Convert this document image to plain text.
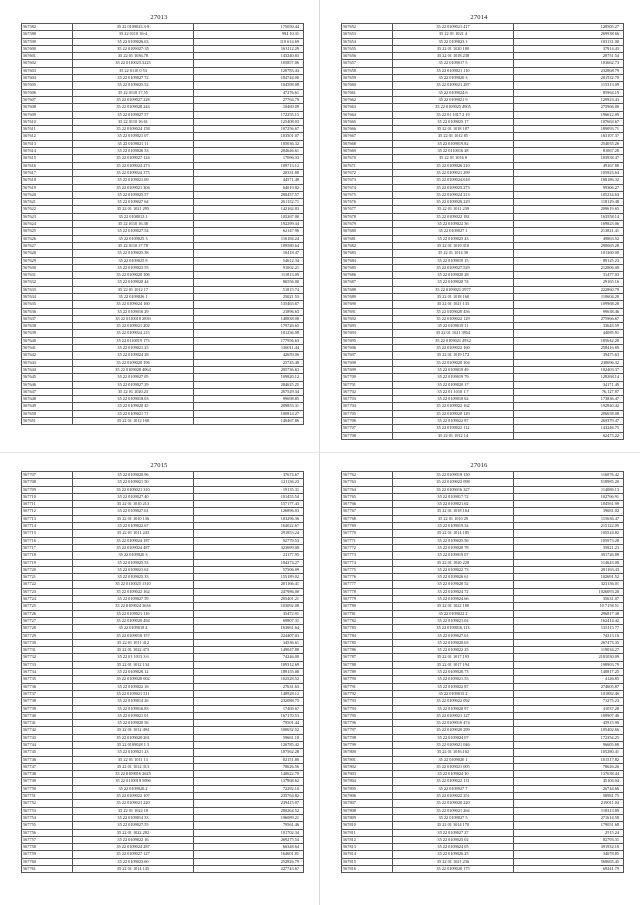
27013
567582	35 22 0109023 3-9	175050.44
567588	35 22 0110 16-4	994 10.31
567590	35 22 0109026.63	110 614.69
567600	35 22 0109027-35	163112.29
567601	35 22 01 1036.78	145240.83
567602	35 22 0110025.3225	105857.06
567603	35 22 0110 0 53	120783.43
567604	35 22 0109027 72	184744.00
567605	35 22 0109025.52	104598.08
567606	35 22 0110 17.55	47276.61
567607	35 22 0109027 228	27764.79
567608	35 22 0109028.244	10469.09
567609	35 22 0109027 57	172255.15
567610	35 22 0110 16 61	125408.03
567611	35 22 0109024 158	107256.67
567612	35 22 0109021 07	103501.07
567613	35 22 0109021 11	105036.32
567614	35 22 0109026 53	204646.61
567615	35 22 0109027 124	17096.33
567616	35 22 0109024 273	109713.12
567617	35 22 0109024 375	20331.80
567618	35 22 0109021.69	44571.48
567619	35 22 0109021 304	64019.82
567620	35 22 0109025.57	200457.57
567621	35 22 0109027 64	261152.71
567622	35 22 01 1021 295	142162.83
567623	35 22 0108012.1	105267.00
567624	35 22 0110 16.38	192299.34
567625	35 22 0109027.54	62147.96
567626	35 22 0109025 3	116184.24
567627	35 22 0110 17.78	109580.64
567628	35 22 0109025.38	10418.47
567629	35 22 0109025 8	54612.34
567630	35 22 0109023 55	91002.21
567631	35 22 0109020 106	111813.09
567632	35 22 0109020 44	86556.00
567633	35 22 01 1012 17	51815.74
567634	35 22 0109026 1	25021.53
567635	35 22 0109024 160	135463.67
567636	35 22 0109016 29	21896.63
567637	35 22 0110018 2839	148838.08
567638	35 22 0109021 202	179726.65
567639	35 22 0109024 215	181236.08
567640	35 22 0110019 173	177956.63
567641	35 22 0109021.25	136011.44
567642	35 22 0109024 28	42659.06
567643	35 22 0109020 196	25745.48
567644	35 22 0109028 4064	205736.63
567645	35 22 0109027 05	109820.12
567646	35 22 0109027.29	284625.25
567647	35 22 01 1020.23	267529.34
567648	35 22 0109018.03	99698.85
567649	35 22 0109020 45	209855.31
567650	35 22 0109021 71	100814.27
567651	35 22 01 1012 168	140467.86
27014
567652	35 22 0109021.417	128505.27
567653	35 22 01 1021 4	269938.66
567654	35 22 0109023.1	103131.00
567655	35 22 01 1020 180	37914.43
567656	35 22 01 1018.238	28751.54
567657	35 22 0109017 5	103662.73
567658	35 22 0109021 110	232868.79
567659	35 22 0109020 3	201532.70
567660	35 22 0109021.287	115313.09
567661	35 22 0109024.6	85964.19
567662	35 22 0109021 9	129923.43
567663	35 22 0109025 4905	275966.00
567664	35 22 01 1017 2 19	196612.09
567665	35 22 0109025.17	107663.67
567666	35 22 01 1018 187	189093.71
567667	35 22 01 1012 85	163107.37
567668	35 22 0109019.82	254055.26
567669	35 22 0110016 28	81067.28
567670	35 22 01 1016 8	103938.47
567671	35 22 0109026 210	49167.80
567672	35 22 0109021 299	105923.64
567673	35 22 0109024.618	168186.32
567674	35 22 0109025.273	99306.27
567675	35 22 0109024 213	105234.63
567676	35 22 0109020.229	118129.48
567677	35 22 01 1011 239	209619.65
567678	35 22 0109022 181	163558.14
567679	35 22 0109022 36	169823.06
567680	35 22 0109027 1	213821.41
567681	35 22 0109025 43	49863.52
567682	35 22 01 1019 310	290065.28
567683	35 22 01 1014 30	101360.00
567684	35 22 0109019 15	89125.23
567685	35 22 0109027.529	212806.00
567686	35 22 0109020 28	31477.03
567687	35 22 0109020 74	29165.16
567688	35 22 0109021 5977	222860.79
567689	35 22 01 1018 160	110604.20
567690	35 22 01 1021 133	109968.28
567691	35 22 0109020 456	99638.46
567692	35 22 0109022 129	275966.67
567693	35 22 0109019 11	33643.59
567694	35 22 01 1021 3954	44085.91
567695	35 22 0109021 4932	185642.20
567696	35 22 0109022 160	258416.69
567697	35 22 01 1019 172	39475.63
567698	35 22 0109020 104	238696.32
567699	35 22 0109019 49	102403.37
567700	35 22 0109019 79	128268.14
567701	35 22 0109020 17	34171.49
567702	35 22 01 1010 1 7	76,127.87
567703	35 22 0109018 62	173836.47
567704	35 22 0109022 162	192840.42
567705	35 22 0109020 129	206658.08
567706	35 22 0109022 87	269379.47
567707	35 22 0109022 112	143246.75
567708	35 22 01 1012 14	62473.22
27015
567707	35 22 0109020.96	37674.67
567708	35 22 0109021 50	121136.23
567709	35 22 0109021 310	19135.31
567710	35 22 0109027.40	101455.54
567711	35 22 01 1010 213	157177.43
567712	35 22 0109027.61	126896.03
567713	35 22 01 1010 136	103296.36
567714	35 22 0109022.67	164022.67
567715	35 22 01 1011 243	291853.24
567716	35 22 0109024 187	92779.53
567717	35 22 0109024 487	323699.00
567718	35 22 0109020 3	21177.95
567719	35 22 0109025.53	184374.27
567720	35 22 0109021.62	57506.09
567721	35 22 0109025.33	155189.02
567722	35 22 0110025 1310	201166.41
567723	35 22 0109022 162	247986.00
567724	35 22 0109027 59	205401.21
567725	35 22 0109024 3636	103092.08
567726	35 22 0109021 116	35472.91
567727	35 22 0109020 494	69807.31
567728	35 22 0109018 4	163661.64
567729	35 22 0109018 157	224407.03
567730	35 22 01 1011 412	34536.61
567731	35 22 01 1022 473	149047.88
567732	35 22 01 1013 3 6	74246.00
567733	35 22 01 1012 134	109312.69
567734	35 22 0109020.12	189155.08
567735	35 22 0109028 002	102528.52
567736	35 22 0109022 16	27631.63
567737	35 22 0109021 511	148928.12
567738	35 22 0109014 26	232088.75
567739	35 22 0109016.83	17469.67
567740	35 22 0109021 01	167170.53
567741	35 22 0109020 56	79501.44
567742	35 22 01 1012 494	100632.52
567743	35 22 0109020 261	59661.18
567744	35 22 0109028 1 5	126785.42
567745	35 22 0109021 23	107562.28
567746	35 22 01 1011 13	82151.80
567747	35 22 01 1012 313	78626.56
567748	35 22 0109016 2625	140622.70
567749	35 22 0110019 5096	137868.62
567750	35 22 0109020.2	72292.10
567751	35 22 0109022 107	235764.82
567752	35 22 0109021 220	239415.07
567753	35 22 01 1022 10	200264.52
567754	35 22 0109014 33	196089.21
567755	35 22 0109027.55	79561.46
567756	35 22 01 1022 282	101702.34
567757	35 22 0109022 16	269275.54
567758	35 22 0109024 287	66348.64
567759	35 22 0109027 127	164601.81
567760	35 22 0109023.60	252826.79
567761	35 22 01 1014 145	227743.67
27016
567762	35 22 0109019 150	116876.42
567763	35 22 0109022 098	518985.20
567764	35 22 0109016 327	114086.13
567765	35 22 0109017.72	102766.91
567766	35 22 0109021.62	104561.99
567767	35 22 01 1018 164	39681.02
567768	35 22 01 1010 29	115636.47
567769	35 22 0109019.34	215122.09
567770	35 22 01 1014 185	105524.82
567771	35 22 0109025.56	105973.28
567772	35 22 0109020 78	35821.23
567773	35 22 0109019 07	391726.89
567774	35 22 01 1020 228	114643.08
567775	35 22 0109022 73	201163.43
567776	35 22 0109026 61	102691.52
567777	35 22 0109020 52	323156.01
567778	35 22 0109024 72	1026093.20
567779	35 22 0109024.66	35631.07
567780	35 22 01 1022 180	10 7158.51
567781	35 22 0109022 2	296817.38
567782	35 22 0109021.02	162414.42
567783	35 22 0109016.113	135115.77
567784	35 22 0109027.61	74313.16
567785	35 22 0109020.63	267473.35
567786	35 22 0109022 25	119034.27
567787	35 22 01 1017.193	2181030.09
567788	35 22 01 1017 194	198903.79
567789	35 22 0109020.73	140817.25
567790	35 22 0109021.55	4126.85
567791	35 22 0109022 87	274605.87
567792	35 22 0109015 2	101882.46
567793	35 22 0109022 092	71275.23
567794	35 22 0109020 97	41037.28
567795	35 22 0109021 127	109907.46
567796	35 22 0109016 474	45915.98
567797	35 22 0109020 299	105402.66
567798	35 22 0109024 07	172354.25
567799	35 22 0109021 046	96605.68
567800	35 22 01 1016.162	105280.41
567801	35 22 0109020 1	101517.82
567802	35 22 0109021 005	78626.26
567803	35 22 0109024 10	137638.44
567804	35 22 0109022 131	45104.04
567805	35 22 0109027 7	26744.66
567806	35 22 0109022 251	58981.75
567807	35 22 0109020 220	219011.04
567808	35 22 0109021 264	118313.89
567809	35 22 0109027 5	271614.58
567810	35 22 01 1014 170	179051.68
567811	35 22 0109027 27	2515.24
567812	35 22 0109025 02	82793.31
567813	35 22 0109024 05	391932.18
567814	35 22 0109026.25	34078.85
567815	35 22 01 1021 236	560665.45
567816	35 22 0109020 175	69241.79
